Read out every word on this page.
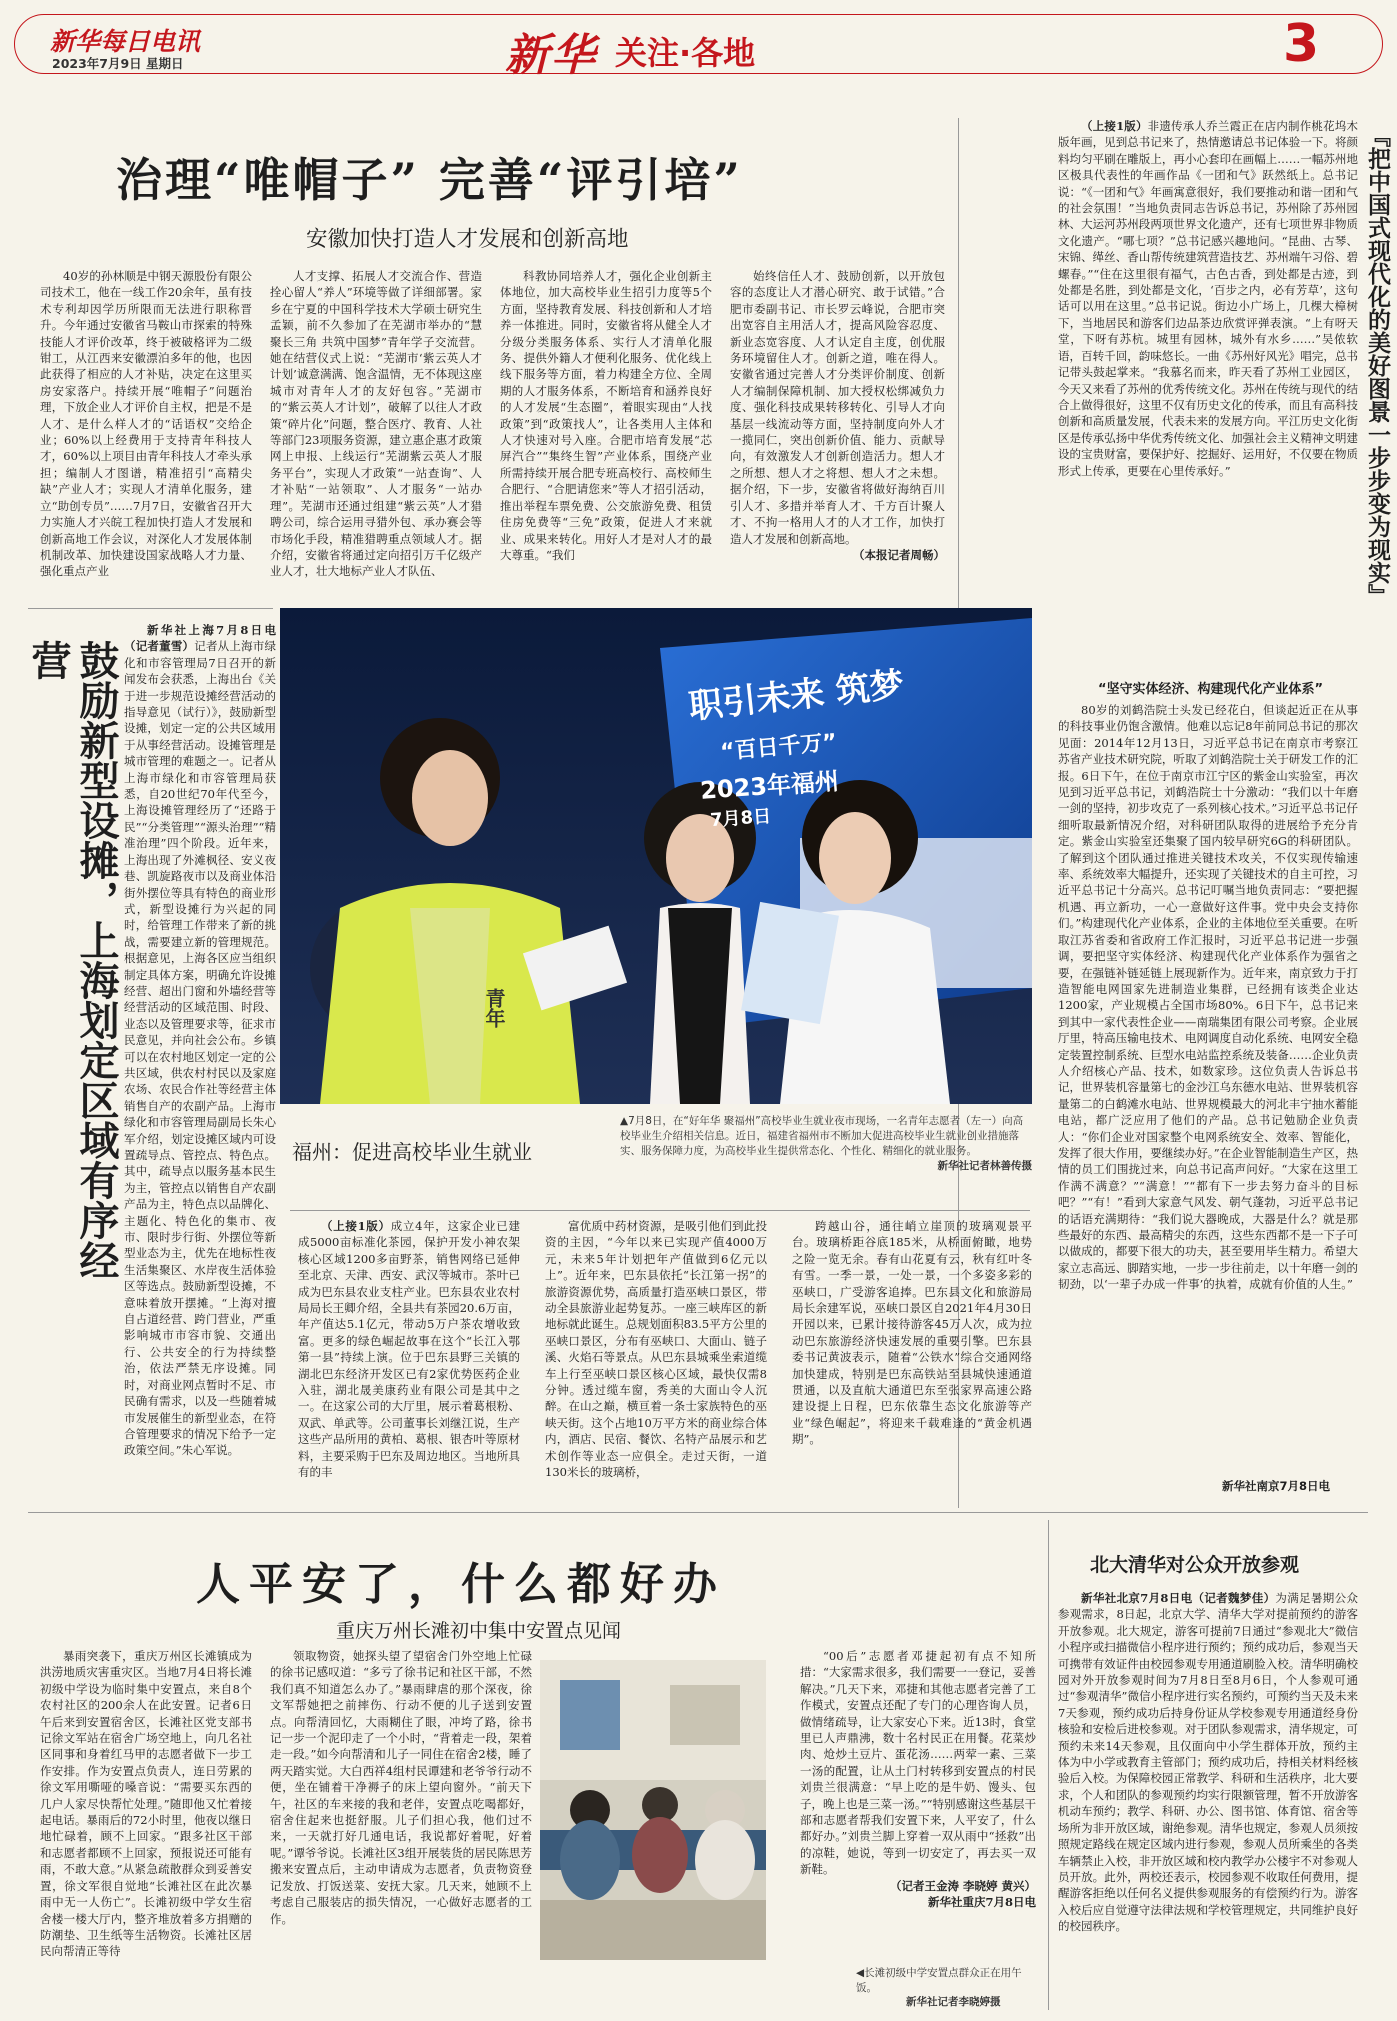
新华每日电讯
2023年7月9日 星期日	新华 关注·各地	3
治理“唯帽子” 完善“评引培”
安徽加快打造人才发展和创新高地

40岁的孙林顺是中钢天源股份有限公司技术工，他在一线工作20余年，虽有技术专利却因学历所限而无法进行职称晋升。今年通过安徽省马鞍山市探索的特殊技能人才评价改革，终于被破格评为二级钳工，从江西来安徽漂泊多年的他，也因此获得了相应的人才补贴，决定在这里买房安家落户。持续开展“唯帽子”问题治理，下放企业人才评价自主权，把是不是人才、是什么样人才的“话语权”交给企业；60%以上经费用于支持青年科技人才，60%以上项目由青年科技人才牵头承担；编制人才图谱，精准招引“高精尖缺”产业人才；实现人才清单化服务，建立“助创专员”……7月7日，安徽省召开大力实施人才兴皖工程加快打造人才发展和创新高地工作会议，对深化人才发展体制机制改革、加快建设国家战略人才力量、强化重点产业

人才支撑、拓展人才交流合作、营造拴心留人“养人”环境等做了详细部署。家乡在宁夏的中国科学技术大学硕士研究生孟颖，前不久参加了在芜湖市举办的“慧聚长三角 共筑中国梦”青年学子交流营。她在结营仪式上说：“芜湖市‘紫云英人才计划’诚意满满、饱含温情，无不体现这座城市对青年人才的友好包容。”芜湖市的“紫云英人才计划”，破解了以往人才政策“碎片化”问题，整合医疗、教育、人社等部门23项服务资源，建立惠企惠才政策网上申报、上线运行“芜湖紫云英人才服务平台”，实现人才政策“一站查询”、人才补贴“一站领取”、人才服务“一站办理”。芜湖市还通过组建“紫云英”人才猎聘公司，综合运用寻猎外包、承办赛会等市场化手段，精准猎聘重点领域人才。据介绍，安徽省将通过定向招引万千亿级产业人才，壮大地标产业人才队伍、

科教协同培养人才，强化企业创新主体地位，加大高校毕业生招引力度等5个方面，坚持教育发展、科技创新和人才培养一体推进。同时，安徽省将从健全人才分级分类服务体系、实行人才清单化服务、提供外籍人才便利化服务、优化线上线下服务等方面，着力构建全方位、全周期的人才服务体系，不断培育和涵养良好的人才发展“生态圈”，着眼实现由“人找政策”到“政策找人”，让各类用人主体和人才快速对号入座。合肥市培育发展“芯屏汽合”“集终生智”产业体系，围绕产业所需持续开展合肥专班高校行、高校师生合肥行、“合肥请您来”等人才招引活动，推出举程车票免费、公交旅游免费、租赁住房免费等“三免”政策，促进人才来就业、成果来转化。用好人才是对人才的最大尊重。“我们

始终信任人才、鼓励创新，以开放包容的态度让人才潜心研究、敢于试错。”合肥市委副书记、市长罗云峰说，合肥市突出宽容自主用活人才，提高风险容忍度、新业态宽容度、人才认定自主度，创优服务环境留住人才。创新之道，唯在得人。安徽省通过完善人才分类评价制度、创新人才编制保障机制、加大授权松绑减负力度、强化科技成果转移转化、引导人才向基层一线流动等方面，坚持制度向外人才一揽同仁，突出创新价值、能力、贡献导向，有效激发人才创新创造活力。想人才之所想、想人才之将想、想人才之未想。据介绍，下一步，安徽省将做好海纳百川引人才、多措并举育人才、千方百计聚人才、不拘一格用人才的人才工作，加快打造人才发展和创新高地。

（本报记者周畅）

（上接1版）非遗传承人乔兰霞正在店内制作桃花坞木版年画，见到总书记来了，热情邀请总书记体验一下。将颜料均匀平刷在雕版上，再小心套印在画幅上……一幅苏州地区极具代表性的年画作品《一团和气》跃然纸上。总书记说：“《一团和气》年画寓意很好，我们要推动和谐一团和气的社会氛围！”当地负责同志告诉总书记，苏州除了苏州园林、大运河苏州段两项世界文化遗产，还有七项世界非物质文化遗产。“哪七项？”总书记感兴趣地问。“昆曲、古琴、宋锦、缂丝、香山帮传统建筑营造技艺、苏州端午习俗、碧螺春。”“住在这里很有福气，古色古香，到处都是古迹，到处都是名胜，到处都是文化，‘百步之内，必有芳草’，这句话可以用在这里。”总书记说。街边小广场上，几棵大樟树下，当地居民和游客们边品茶边欣赏评弹表演。“上有呀天堂，下呀有苏杭。城里有园林，城外有水乡……”吴侬软语，百转千回，韵味悠长。一曲《苏州好风光》唱完，总书记带头鼓起掌来。“我慕名而来，昨天看了苏州工业园区，今天又来看了苏州的优秀传统文化。苏州在传统与现代的结合上做得很好，这里不仅有历史文化的传承，而且有高科技创新和高质量发展，代表未来的发展方向。平江历史文化街区是传承弘扬中华优秀传统文化、加强社会主义精神文明建设的宝贵财富，要保护好、挖掘好、运用好，不仅要在物质形式上传承，更要在心里传承好。”	『把中国式现代化的美好图景一步步变为现实』
“坚守实体经济、构建现代化产业体系”

80岁的刘鹤浩院士头发已经花白，但谈起近正在从事的科技事业仍饱含激情。他难以忘记8年前同总书记的那次见面：2014年12月13日，习近平总书记在南京市考察江苏省产业技术研究院，听取了刘鹤浩院士关于研发工作的汇报。6日下午，在位于南京市江宁区的紫金山实验室，再次见到习近平总书记，刘鹤浩院士十分激动：“我们以十年磨一剑的坚持，初步攻克了一系列核心技术。”习近平总书记仔细听取最新情况介绍，对科研团队取得的进展给予充分肯定。紫金山实验室还集聚了国内较早研究6G的科研团队。了解到这个团队通过推进关键技术攻关，不仅实现传输速率、系统效率大幅提升，还实现了关键技术的自主可控，习近平总书记十分高兴。总书记叮嘱当地负责同志：“要把握机遇、再立新功，一心一意做好这件事。党中央会支持你们。”构建现代化产业体系，企业的主体地位至关重要。在听取江苏省委和省政府工作汇报时，习近平总书记进一步强调，要把坚守实体经济、构建现代化产业体系作为强省之要，在强链补链延链上展现新作为。近年来，南京致力于打造智能电网国家先进制造业集群，已经拥有该类企业达1200家，产业规模占全国市场80%。6日下午，总书记来到其中一家代表性企业——南瑞集团有限公司考察。企业展厅里，特高压输电技术、电网调度自动化系统、电网安全稳定装置控制系统、巨型水电站监控系统及装备……企业负责人介绍核心产品、技术，如数家珍。这位负责人告诉总书记，世界装机容量第七的金沙江乌东德水电站、世界装机容量第二的白鹤滩水电站、世界规模最大的河北丰宁抽水蓄能电站，都广泛应用了他们的产品。总书记勉励企业负责人：“你们企业对国家整个电网系统安全、效率、智能化，发挥了很大作用，要继续办好。”在企业智能制造生产区，热情的员工们围拢过来，向总书记高声问好。“大家在这里工作满不满意？”“满意！”“都有下一步去努力奋斗的目标吧？”“有！”看到大家意气风发、朝气蓬勃，习近平总书记的话语充满期待：“我们说大器晚成，大器是什么？就是那些最好的东西、最高精尖的东西，这些东西都不是一下子可以做成的，都要下很大的功夫，甚至要用毕生精力。希望大家立志高远、脚踏实地，一步一步往前走，以十年磨一剑的韧劲，以‘一辈子办成一件事’的执着，成就有价值的人生。”

新华社南京7月8日电
鼓励新型设摊，上海划定区域有序经营

新华社上海7月8日电（记者董雪）记者从上海市绿化和市容管理局7日召开的新闻发布会获悉，上海出台《关于进一步规范设摊经营活动的指导意见（试行）》，鼓励新型设摊，划定一定的公共区域用于从事经营活动。设摊管理是城市管理的难题之一。记者从上海市绿化和市容管理局获悉，自20世纪70年代至今，上海设摊管理经历了“还路于民”“分类管理”“源头治理”“精准治理”四个阶段。近年来，上海出现了外滩枫径、安义夜巷、凯旋路夜市以及商业体沿街外摆位等具有特色的商业形式，新型设摊行为兴起的同时，给管理工作带来了新的挑战，需要建立新的管理规范。根据意见，上海各区应当组织制定具体方案，明确允许设摊经营、超出门窗和外墙经营等经营活动的区域范围、时段、业态以及管理要求等，征求市民意见，并向社会公布。乡镇可以在农村地区划定一定的公共区域，供农村村民以及家庭农场、农民合作社等经营主体销售自产的农副产品。上海市绿化和市容管理局副局长朱心军介绍，划定设摊区域内可设置疏导点、管控点、特色点。其中，疏导点以服务基本民生为主，管控点以销售自产农副产品为主，特色点以品牌化、主题化、特色化的集市、夜市、限时步行街、外摆位等新型业态为主，优先在地标性夜生活集聚区、水岸夜生活体验区等选点。鼓励新型设摊，不意味着放开摆摊。“上海对擅自占道经营、跨门营业，严重影响城市市容市貌、交通出行、公共安全的行为持续整治，依法严禁无序设摊。同时，对商业网点暂时不足、市民确有需求，以及一些随着城市发展催生的新型业态，在符合管理要求的情况下给予一定政策空间。”朱心军说。

职引未来 筑梦
“百日千万”
2023年福州
7月8日
青年
福州：促进高校毕业生就业
▲7月8日，在“好年华 聚福州”高校毕业生就业夜市现场，一名青年志愿者（左一）向高校毕业生介绍相关信息。近日，福建省福州市不断加大促进高校毕业生就业创业措施落实、服务保障力度，为高校毕业生提供常态化、个性化、精细化的就业服务。
新华社记者林善传摄

（上接1版）成立4年，这家企业已建成5000亩标准化茶园，保护开发小神农架核心区域1200多亩野茶，销售网络已延伸至北京、天津、西安、武汉等城市。茶叶已成为巴东县农业支柱产业。巴东县农业农村局局长王卿介绍，全县共有茶园20.6万亩，年产值达5.1亿元，带动5万户茶农增收致富。更多的绿色崛起故事在这个“长江入鄂第一县”持续上演。位于巴东县野三关镇的湖北巴东经济开发区已有2家优势医药企业入驻，湖北晟美康药业有限公司是其中之一。在这家公司的大厅里，展示着葛根粉、双武、单武等。公司董事长刘继江说，生产这些产品所用的黄柏、葛根、银杏叶等原材料，主要采购于巴东及周边地区。当地所具有的丰

富优质中药材资源，是吸引他们到此投资的主因，“今年以来已实现产值4000万元，未来5年计划把年产值做到6亿元以上”。近年来，巴东县依托“长江第一拐”的旅游资源优势，高质量打造巫峡口景区，带动全县旅游业起势复苏。一座三峡库区的新地标就此诞生。总规划面积83.5平方公里的巫峡口景区，分布有巫峡口、大面山、链子溪、火焰石等景点。从巴东县城乘坐索道缆车上行至巫峡口景区核心区域，最快仅需8分钟。透过缆车窗，秀美的大面山令人沉醉。在山之巅，横亘着一条士家族特色的巫峡天街。这个占地10万平方米的商业综合体内，酒店、民宿、餐饮、名特产品展示和艺术创作等业态一应俱全。走过天街，一道130米长的玻璃桥，

跨越山谷，通往峭立崖顶的玻璃观景平台。玻璃桥距谷底185米，从桥面俯瞰，地势之险一览无余。春有山花夏有云，秋有红叶冬有雪。一季一景，一处一景，一个多姿多彩的巫峡口，广受游客追捧。巴东县文化和旅游局局长余建军说，巫峡口景区自2021年4月30日开园以来，已累计接待游客45万人次，成为拉动巴东旅游经济快速发展的重要引擎。巴东县委书记黄波表示，随着“公铁水”综合交通网络加快建成，特别是巴东高铁站至县城快速通道贯通，以及直航大通道巴东至张家界高速公路建设提上日程，巴东依靠生态文化旅游等产业“绿色崛起”，将迎来千载难逢的“黄金机遇期”。

人平安了，什么都好办
重庆万州长滩初中集中安置点见闻

暴雨突袭下，重庆万州区长滩镇成为洪涝地质灾害重灾区。当地7月4日将长滩初级中学设为临时集中安置点，来自8个农村社区的200余人在此安置。记者6日午后来到安置宿舍区，长滩社区党支部书记徐文军站在宿舍广场空地上，向几名社区同事和身着红马甲的志愿者做下一步工作安排。作为安置点负责人，连日劳累的徐文军用嘶哑的嗓音说：“需要买东西的几户人家尽快帮忙处理。”随即他又忙着接起电话。暴雨后的72小时里，他夜以继日地忙碌着，顾不上回家。“跟多社区干部和志愿者都顾不上回家，预报说还可能有雨，不敢大意。”从紧急疏散群众到妥善安置，徐文军很自觉地“长滩社区在此次暴雨中无一人伤亡”。长滩初级中学女生宿舍楼一楼大厅内，整齐堆放着多方捐赠的防潮垫、卫生纸等生活物资。长滩社区居民向帮清正等待

领取物资，她探头望了望宿舍门外空地上忙碌的徐书记感叹道：“多亏了徐书记和社区干部，不然我们真不知道怎么办了。”暴雨肆虐的那个深夜，徐文军帮她把之前摔伤、行动不便的儿子送到安置点。向帮清回忆，大雨糊住了眼，冲垮了路，徐书记一步一个泥印走了一个小时，“背着走一段，架着走一段。”如今向帮清和儿子一同住在宿舍2楼，睡了两天踏实觉。大白西祥4组村民谭建和老爷爷行动不便，坐在铺着干净褥子的床上望向窗外。“前天下午，社区的车来接的我和老伴，安置点吃喝都好，宿舍住起来也挺舒服。儿子们担心我，他们过不来，一天就打好几通电话，我说都好着呢，好着呢。”谭爷爷说。长滩社区3组开展装货的居民陈思芳搬来安置点后，主动申请成为志愿者，负责物资登记发放、打饭送菜、安抚大家。几天来，她顾不上考虑自己服装店的损失情况，一心做好志愿者的工作。

◀长滩初级中学安置点群众正在用午饭。
新华社记者李晓婷摄

“00后”志愿者邓捷起初有点不知所措：“大家需求很多，我们需要一一登记，妥善解决。”几天下来，邓捷和其他志愿者完善了工作模式，安置点还配了专门的心理咨询人员，做情绪疏导，让大家安心下来。近13时，食堂里已人声鼎沸，数十名村民正在用餐。花菜炒肉、炝炒土豆片、蛋花汤……两荤一素、三菜一汤的配置，让从土门村转移到安置点的村民刘贵兰很满意：“早上吃的是牛奶、馒头、包子，晚上也是三菜一汤。”“特别感谢这些基层干部和志愿者帮我们安置下来，人平安了，什么都好办。”刘贵兰脚上穿着一双从雨中“拯救”出的凉鞋，她说，等到一切安定了，再去买一双新鞋。

（记者王金涛 李晓婷 黄兴）
新华社重庆7月8日电
北大清华对公众开放参观

新华社北京7月8日电（记者魏梦佳）为满足暑期公众参观需求，8日起，北京大学、清华大学对提前预约的游客开放参观。北大规定，游客可提前7日通过“参观北大”微信小程序或扫描微信小程序进行预约；预约成功后，参观当天可携带有效证件由校园参观专用通道刷脸入校。清华明确校园对外开放参观时间为7月8日至8月6日，个人参观可通过“参观清华”微信小程序进行实名预约，可预约当天及未来7天参观，预约成功后持身份证从学校参观专用通道经身份核验和安检后进校参观。对于团队参观需求，清华规定，可预约未来14天参观，且仅面向中小学生群体开放，预约主体为中小学或教育主管部门；预约成功后，持相关材料经核验后入校。为保障校园正常教学、科研和生活秩序，北大要求，个人和团队的参观预约均实行限额管理，暂不开放游客机动车预约；教学、科研、办公、图书馆、体育馆、宿舍等场所为非开放区域，谢绝参观。清华也规定，参观人员须按照规定路线在规定区域内进行参观，参观人员所乘坐的各类车辆禁止入校，非开放区域和校内教学办公楼宇不对参观人员开放。此外，两校还表示，校园参观不收取任何费用，提醒游客拒绝以任何名义提供参观服务的有偿预约行为。游客入校后应自觉遵守法律法规和学校管理规定，共同维护良好的校园秩序。
